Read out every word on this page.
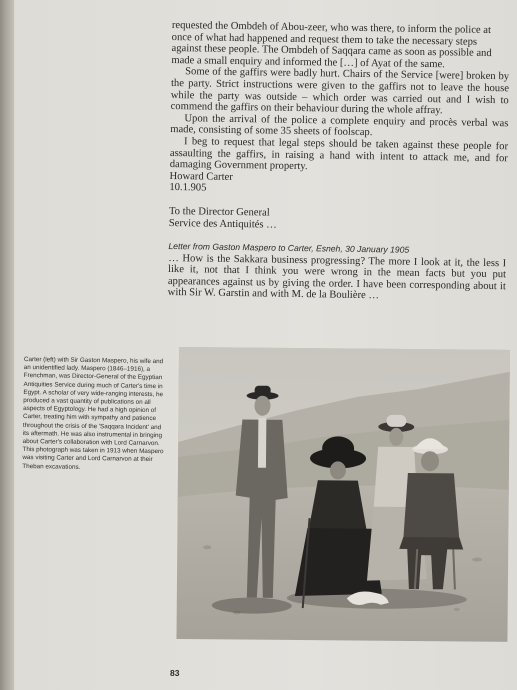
requested the Ombdeh of Abou-zeer, who was there, to inform the police at

once of what had happened and request them to take the necessary steps

against these people. The Ombdeh of Saqqara came as soon as possible and

made a small enquiry and informed the […] of Ayat of the same.

Some of the gaffirs were badly hurt. Chairs of the Service [were] broken by the party. Strict instructions were given to the gaffirs not to leave the house while the party was outside – which order was carried out and I wish to commend the gaffirs on their behaviour during the whole affray.

Upon the arrival of the police a complete enquiry and procès verbal was made, consisting of some 35 sheets of foolscap.

I beg to request that legal steps should be taken against these people for assaulting the gaffirs, in raising a hand with intent to attack me, and for damaging Government property.

Howard Carter

10.1.905

To the Director General

Service des Antiquités …

Letter from Gaston Maspero to Carter, Esneh, 30 January 1905

… How is the Sakkara business progressing? The more I look at it, the less I like it, not that I think you were wrong in the mean facts but you put appearances against us by giving the order. I have been corresponding about it with Sir W. Garstin and with M. de la Boulière …

Carter (left) with Sir Gaston Maspero, his wife and an unidentified lady. Maspero (1846–1916), a Frenchman, was Director-General of the Egyptian Antiquities Service during much of Carter's time in Egypt. A scholar of very wide-ranging interests, he produced a vast quantity of publications on all aspects of Egyptology. He had a high opinion of Carter, treating him with sympathy and patience throughout the crisis of the 'Saqqara Incident' and its aftermath. He was also instrumental in bringing about Carter's collaboration with Lord Carnarvon. This photograph was taken in 1913 when Maspero was visiting Carter and Lord Carnarvon at their Theban excavations.

83
